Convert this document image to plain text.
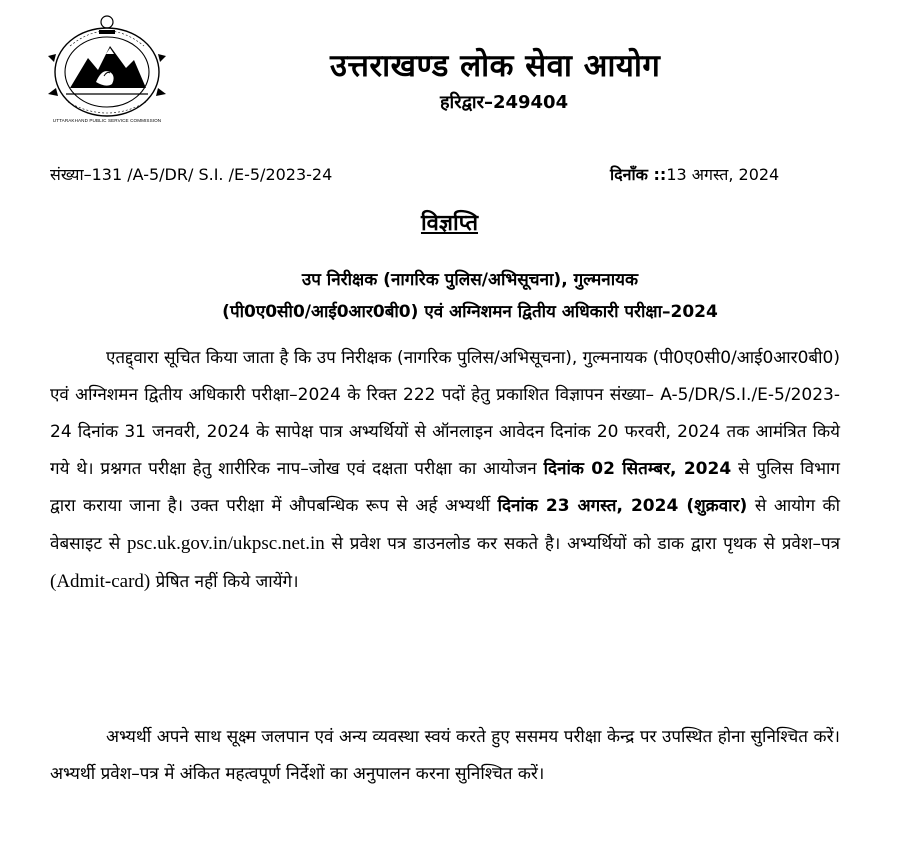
UTTARAKHAND PUBLIC SERVICE COMMISSION
उत्तराखण्ड लोक सेवा आयोग
हरिद्वार–249404
संख्या–131 /A-5/DR/ S.I. /E-5/2023-24	दिनाँक ::13 अगस्त, 2024
विज्ञप्ति
उप निरीक्षक (नागरिक पुलिस/अभिसूचना), गुल्मनायक
(पी0ए0सी0/आई0आर0बी0) एवं अग्निशमन द्वितीय अधिकारी परीक्षा–2024
एतद्द्वारा सूचित किया जाता है कि उप निरीक्षक (नागरिक पुलिस/अभिसूचना), गुल्मनायक (पी0ए0सी0/आई0आर0बी0) एवं अग्निशमन द्वितीय अधिकारी परीक्षा–2024 के रिक्त 222 पदों हेतु प्रकाशित विज्ञापन संख्या– A-5/DR/S.I./E-5/2023-24 दिनांक 31 जनवरी, 2024 के सापेक्ष पात्र अभ्यर्थियों से ऑनलाइन आवेदन दिनांक 20 फरवरी, 2024 तक आमंत्रित किये गये थे। प्रश्नगत परीक्षा हेतु शारीरिक नाप–जोख एवं दक्षता परीक्षा का आयोजन दिनांक 02 सितम्बर, 2024 से पुलिस विभाग द्वारा कराया जाना है। उक्त परीक्षा में औपबन्धिक रूप से अर्ह अभ्यर्थी दिनांक 23 अगस्त, 2024 (शुक्रवार) से आयोग की वेबसाइट से psc.uk.gov.in/ukpsc.net.in से प्रवेश पत्र डाउनलोड कर सकते है। अभ्यर्थियों को डाक द्वारा पृथक से प्रवेश–पत्र (Admit-card) प्रेषित नहीं किये जायेंगे।
अभ्यर्थी अपने साथ सूक्ष्म जलपान एवं अन्य व्यवस्था स्वयं करते हुए ससमय परीक्षा केन्द्र पर उपस्थित होना सुनिश्चित करें। अभ्यर्थी प्रवेश–पत्र में अंकित महत्वपूर्ण निर्देशों का अनुपालन करना सुनिश्चित करें।
